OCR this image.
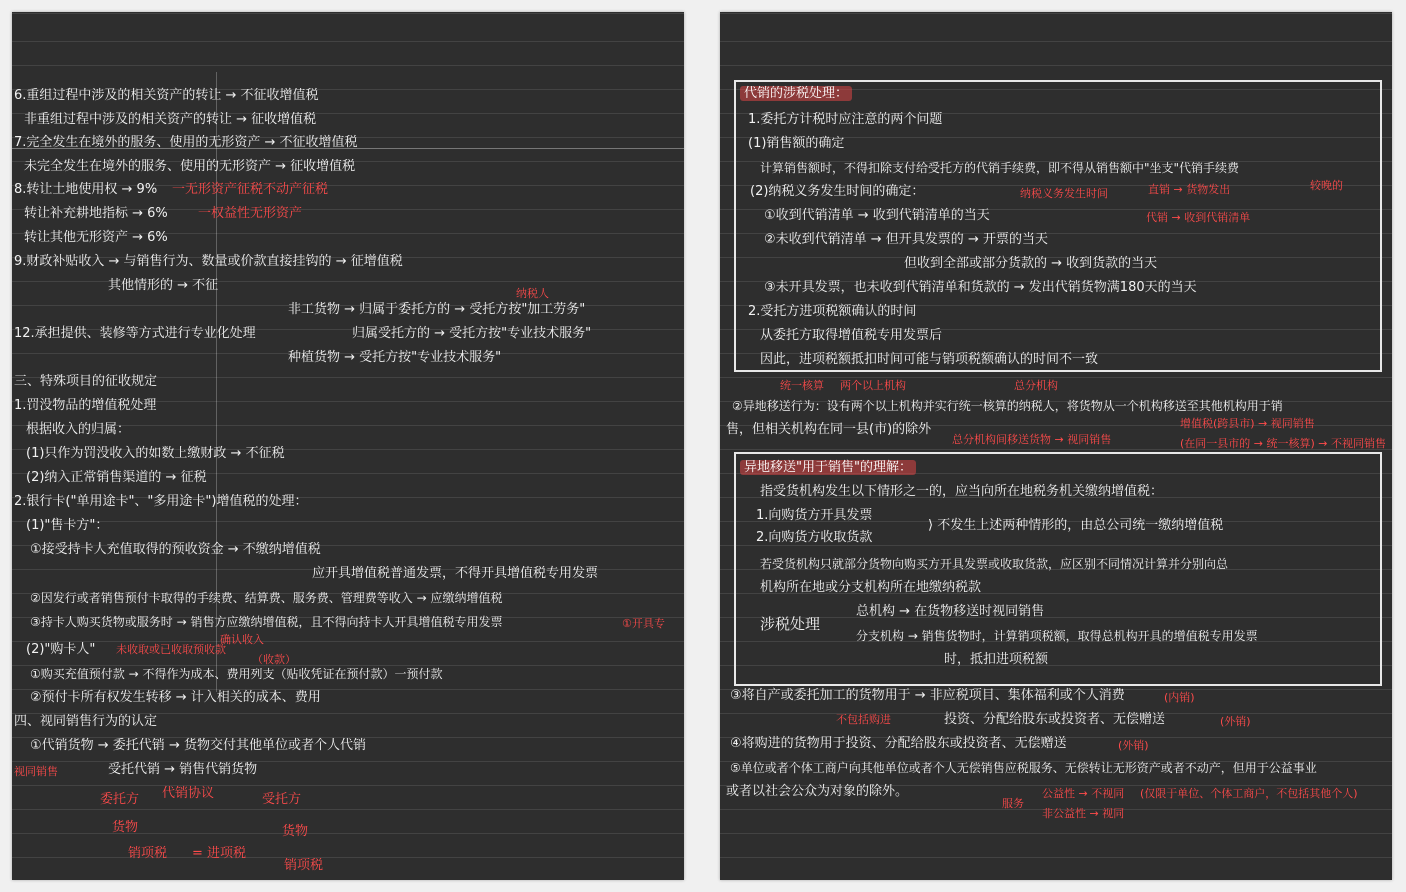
6.重组过程中涉及的相关资产的转让 → 不征收增值税
非重组过程中涉及的相关资产的转让 → 征收增值税
7.完全发生在境外的服务、使用的无形资产 → 不征收增值税
未完全发生在境外的服务、使用的无形资产 → 征收增值税
8.转让土地使用权 → 9% 一无形资产征税不动产征税
转让补充耕地指标 → 6% 一权益性无形资产
转让其他无形资产 → 6%
9.财政补贴收入 → 与销售行为、数量或价款直接挂钩的 → 征增值税
其他情形的 → 不征
纳税人
非工货物 → 归属于委托方的 → 受托方按"加工劳务"
12.承担提供、装修等方式进行专业化处理	归属受托方的 → 受托方按"专业技术服务"
种植货物 → 受托方按"专业技术服务"
三、特殊项目的征收规定
1.罚没物品的增值税处理
根据收入的归属：
(1)只作为罚没收入的如数上缴财政 → 不征税
(2)纳入正常销售渠道的 → 征税
2.银行卡("单用途卡"、"多用途卡")增值税的处理：
(1)"售卡方"：
①接受持卡人充值取得的预收资金 → 不缴纳增值税
应开具增值税普通发票，不得开具增值税专用发票
②因发行或者销售预付卡取得的手续费、结算费、服务费、管理费等收入 → 应缴纳增值税
③持卡人购买货物或服务时 → 销售方应缴纳增值税，且不得向持卡人开具增值税专用发票	①开具专
确认收入
(2)"购卡人" 未收取或已收取预收款
（收款）
①购买充值预付款 → 不得作为成本、费用列支（贴收凭证在预付款）一预付款
②预付卡所有权发生转移 → 计入相关的成本、费用
四、视同销售行为的认定
①代销货物 → 委托代销 → 货物交付其他单位或者个人代销
受托代销 → 销售代销货物
视同销售
委托方 代销协议	受托方
货物	货物
销项税 = 进项税
销项税
代销的涉税处理：
1.委托方计税时应注意的两个问题
(1)销售额的确定
计算销售额时，不得扣除支付给受托方的代销手续费，即不得从销售额中"坐支"代销手续费
(2)纳税义务发生时间的确定：	纳税义务发生时间	直销 → 货物发出	较晚的
①收到代销清单 → 收到代销清单的当天	代销 → 收到代销清单
②未收到代销清单 → 但开具发票的 → 开票的当天
但收到全部或部分货款的 → 收到货款的当天
③未开具发票，也未收到代销清单和货款的 → 发出代销货物满180天的当天
2.受托方进项税额确认的时间
从委托方取得增值税专用发票后
因此，进项税额抵扣时间可能与销项税额确认的时间不一致
统一核算 两个以上机构	总分机构
②异地移送行为：设有两个以上机构并实行统一核算的纳税人，将货物从一个机构移送至其他机构用于销
售，但相关机构在同一县(市)的除外	增值税(跨县市) → 视同销售
总分机构间移送货物 → 视同销售	(在同一县市的 → 统一核算) → 不视同销售
异地移送"用于销售"的理解：
指受货机构发生以下情形之一的，应当向所在地税务机关缴纳增值税：
1.向购货方开具发票
2.向购货方收取货款
⟩ 不发生上述两种情形的，由总公司统一缴纳增值税
若受货机构只就部分货物向购买方开具发票或收取货款，应区别不同情况计算并分别向总
机构所在地或分支机构所在地缴纳税款
涉税处理
总机构 → 在货物移送时视同销售
分支机构 → 销售货物时，计算销项税额，取得总机构开具的增值税专用发票
时，抵扣进项税额
③将自产或委托加工的货物用于 → 非应税项目、集体福利或个人消费	(内销)
不包括购进	投资、分配给股东或投资者、无偿赠送	(外销)
④将购进的货物用于投资、分配给股东或投资者、无偿赠送	(外销)
⑤单位或者个体工商户向其他单位或者个人无偿销售应税服务、无偿转让无形资产或者不动产，但用于公益事业
或者以社会公众为对象的除外。
服务
公益性 → 不视同 (仅限于单位、个体工商户，不包括其他个人)
非公益性 → 视同
